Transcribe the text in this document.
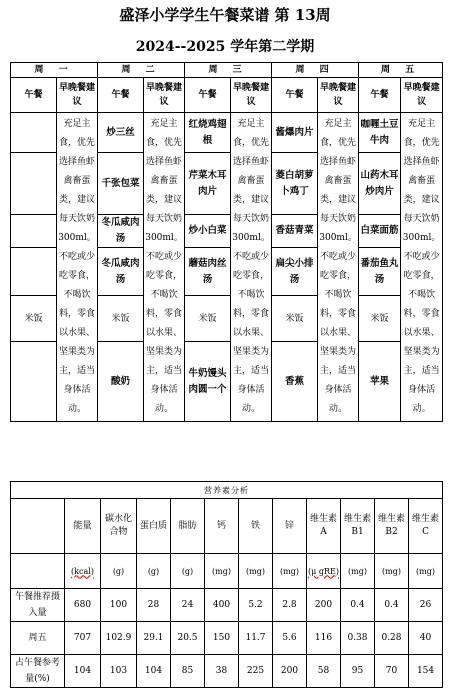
盛泽小学学生午餐菜谱 第 13周
2024--2025 学年第二学期
周 一		周 二		周 三		周 四		周 五	
午餐	早晚餐建议	午餐	早晚餐建议	午餐	早晚餐建议	午餐	早晚餐建议	午餐	早晚餐建议
	充足主食，优先选择鱼虾禽畜蛋类，建议每天饮奶300ml。不吃或少吃零食，不喝饮料，零食以水果、坚果类为主，适当身体活动。	炒三丝	充足主食，优先选择鱼虾禽畜蛋类，建议每天饮奶300ml。不吃或少吃零食，不喝饮料，零食以水果、坚果类为主，适当身体活动。	红烧鸡翅根	充足主食，优先选择鱼虾禽畜蛋类，建议每天饮奶300ml。不吃或少吃零食，不喝饮料，零食以水果、坚果类为主，适当身体活动。	酱爆肉片	充足主食，优先选择鱼虾禽畜蛋类，建议每天饮奶300ml。不吃或少吃零食，不喝饮料，零食以水果、坚果类为主，适当身体活动。	咖喱土豆牛肉	充足主食，优先选择鱼虾禽畜蛋类，建议每天饮奶300ml。不吃或少吃零食，不喝饮料，零食以水果、坚果类为主，适当身体活动。
		千张包菜		芹菜木耳肉片		菱白胡萝卜鸡丁		山药木耳炒肉片	
		冬瓜咸肉汤		炒小白菜		香菇青菜		白菜面筋	
		冬瓜咸肉汤		蘑菇肉丝汤		扁尖小排汤		番茄鱼丸汤	
米饭		米饭		米饭		米饭		米饭	
		酸奶		牛奶馒头肉圆一个		香蕉		苹果	
营养素分析											
	能量	碳水化合物	蛋白质	脂肪	钙	铁	锌	维生素A	维生素B1	维生素B2	维生素C
	(kcal)	(g)	(g)	(g)	(mg)	(mg)	(mg)	(μ gRE)	(mg)	(mg)	(mg)
午餐推荐摄入量	680	100	28	24	400	5.2	2.8	200	0.4	0.4	26
周五	707	102.9	29.1	20.5	150	11.7	5.6	116	0.38	0.28	40
占午餐参考量(%)	104	103	104	85	38	225	200	58	95	70	154
